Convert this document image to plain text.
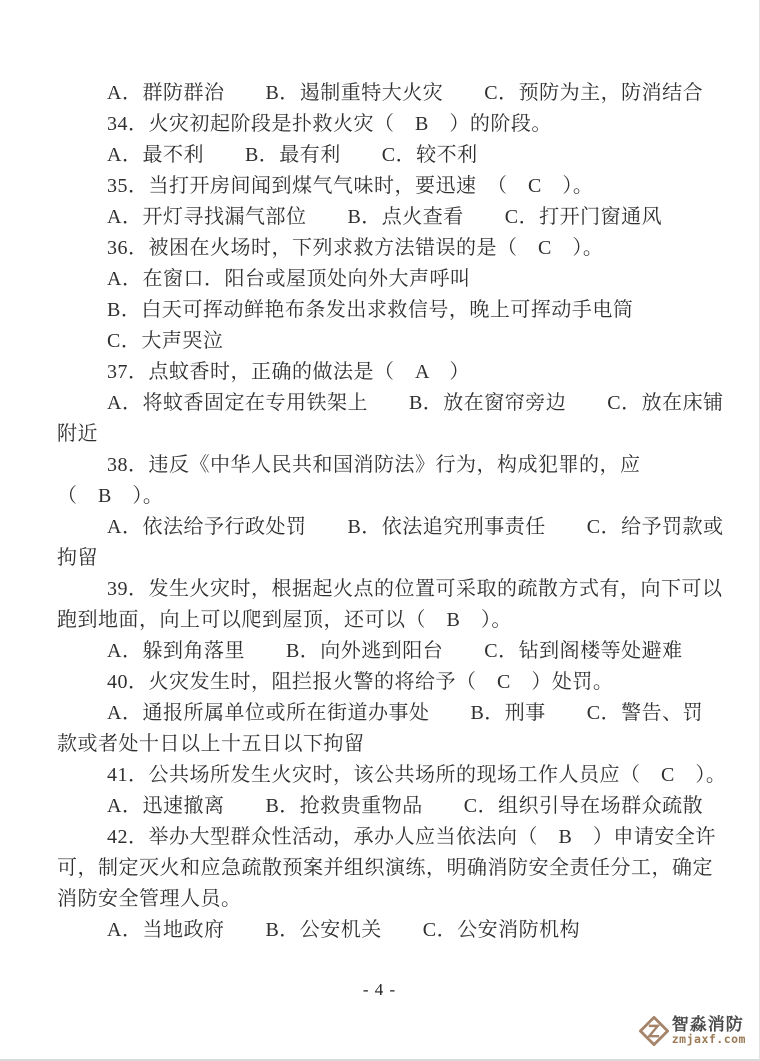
A．群防群治　　B．遏制重特大火灾　　C．预防为主，防消结合
34．火灾初起阶段是扑救火灾（　B　）的阶段。
A．最不利　　B．最有利　　C．较不利
35．当打开房间闻到煤气气味时，要迅速　（　C　）。
A．开灯寻找漏气部位　　B．点火查看　　C．打开门窗通风
36．被困在火场时，下列求救方法错误的是（　C　）。
A．在窗口．阳台或屋顶处向外大声呼叫
B．白天可挥动鲜艳布条发出求救信号，晚上可挥动手电筒
C．大声哭泣
37．点蚊香时，正确的做法是（　A　）
A．将蚊香固定在专用铁架上　　B．放在窗帘旁边　　C．放在床铺
附近
38．违反《中华人民共和国消防法》行为，构成犯罪的，应
（　B　）。
A．依法给予行政处罚　　B．依法追究刑事责任　　C．给予罚款或
拘留
39．发生火灾时，根据起火点的位置可采取的疏散方式有，向下可以
跑到地面，向上可以爬到屋顶，还可以（　B　）。
A．躲到角落里　　B．向外逃到阳台　　C．钻到阁楼等处避难
40．火灾发生时，阻拦报火警的将给予（　C　）处罚。
A．通报所属单位或所在街道办事处　　B．刑事　　C．警告、罚
款或者处十日以上十五日以下拘留
41．公共场所发生火灾时，该公共场所的现场工作人员应（　C　）。
A．迅速撤离　　B．抢救贵重物品　　C．组织引导在场群众疏散
42．举办大型群众性活动，承办人应当依法向（　B　）申请安全许
可，制定灭火和应急疏散预案并组织演练，明确消防安全责任分工，确定
消防安全管理人员。
A．当地政府　　B．公安机关　　C．公安消防机构
- 4 -
智淼消防
zmjaxf.com
